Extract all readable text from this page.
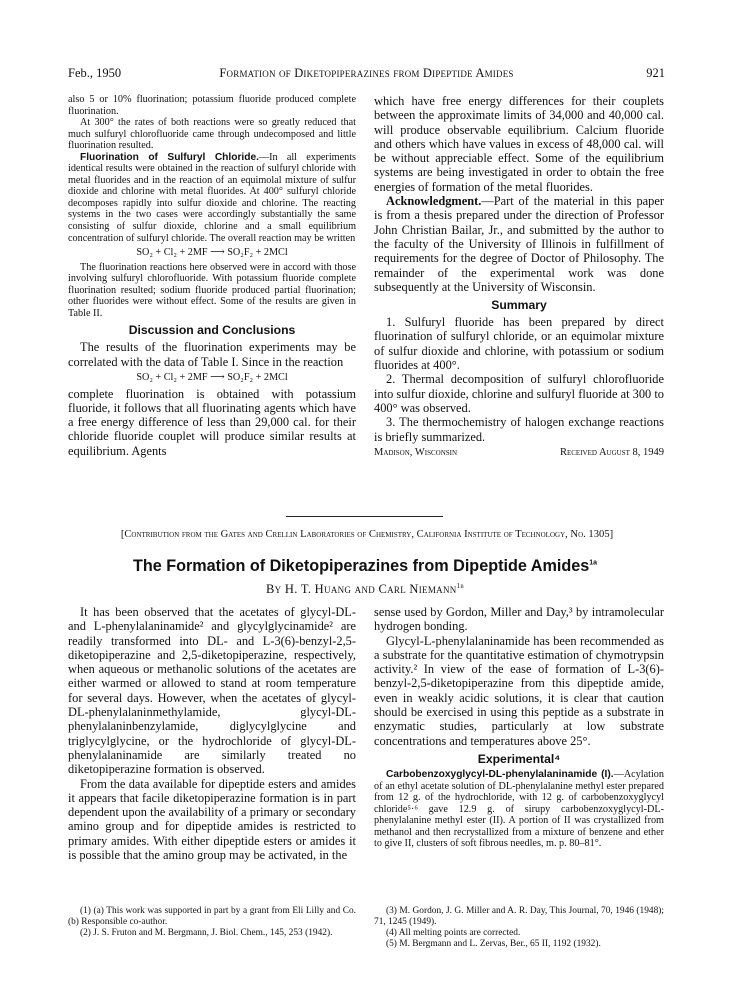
Feb., 1950	Formation of Diketopiperazines from Dipeptide Amides	921

also 5 or 10% fluorination; potassium fluoride produced complete fluorination.

At 300° the rates of both reactions were so greatly reduced that much sulfuryl chlorofluoride came through undecomposed and little fluorination resulted.

Fluorination of Sulfuryl Chloride.—In all experiments identical results were obtained in the reaction of sulfuryl chloride with metal fluorides and in the reaction of an equimolal mixture of sulfur dioxide and chlorine with metal fluorides. At 400° sulfuryl chloride decomposes rapidly into sulfur dioxide and chlorine. The reacting systems in the two cases were accordingly substantially the same consisting of sulfur dioxide, chlorine and a small equilibrium concentration of sulfuryl chloride. The overall reaction may be written

SO₂ + Cl₂ + 2MF ⟶ SO₂F₂ + 2MCl

The fluorination reactions here observed were in accord with those involving sulfuryl chlorofluoride. With potassium fluoride complete fluorination resulted; sodium fluoride produced partial fluorination; other fluorides were without effect. Some of the results are given in Table II.

Discussion and Conclusions

The results of the fluorination experiments may be correlated with the data of Table I. Since in the reaction

SO₂ + Cl₂ + 2MF ⟶ SO₂F₂ + 2MCl

complete fluorination is obtained with potassium fluoride, it follows that all fluorinating agents which have a free energy difference of less than 29,000 cal. for their chloride fluoride couplet will produce similar results at equilibrium. Agents

which have free energy differences for their couplets between the approximate limits of 34,000 and 40,000 cal. will produce observable equilibrium. Calcium fluoride and others which have values in excess of 48,000 cal. will be without appreciable effect. Some of the equilibrium systems are being investigated in order to obtain the free energies of formation of the metal fluorides.

Acknowledgment.—Part of the material in this paper is from a thesis prepared under the direction of Professor John Christian Bailar, Jr., and submitted by the author to the faculty of the University of Illinois in fulfillment of requirements for the degree of Doctor of Philosophy. The remainder of the experimental work was done subsequently at the University of Wisconsin.

Summary

1. Sulfuryl fluoride has been prepared by direct fluorination of sulfuryl chloride, or an equimolar mixture of sulfur dioxide and chlorine, with potassium or sodium fluorides at 400°.

2. Thermal decomposition of sulfuryl chlorofluoride into sulfur dioxide, chlorine and sulfuryl fluoride at 300 to 400° was observed.

3. The thermochemistry of halogen exchange reactions is briefly summarized.

Madison, Wisconsin	Received August 8, 1949
[Contribution from the Gates and Crellin Laboratories of Chemistry, California Institute of Technology, No. 1305]
The Formation of Diketopiperazines from Dipeptide Amides$^{1a}$
By H. T. Huang and Carl Niemann$^{1b}$

It has been observed that the acetates of glycyl-DL- and L-phenylalaninamide² and glycylglycinamide² are readily transformed into DL- and L-3(6)-benzyl-2,5-diketopiperazine and 2,5-diketopiperazine, respectively, when aqueous or methanolic solutions of the acetates are either warmed or allowed to stand at room temperature for several days. However, when the acetates of glycyl-DL-phenylalaninmethylamide, glycyl-DL-phenylalaninbenzylamide, diglycylglycine and triglycylglycine, or the hydrochloride of glycyl-DL-phenylalaninamide are similarly treated no diketopiperazine formation is observed.

From the data available for dipeptide esters and amides it appears that facile diketopiperazine formation is in part dependent upon the availability of a primary or secondary amino group and for dipeptide amides is restricted to primary amides. With either dipeptide esters or amides it is possible that the amino group may be activated, in the

sense used by Gordon, Miller and Day,³ by intramolecular hydrogen bonding.

Glycyl-L-phenylalaninamide has been recommended as a substrate for the quantitative estimation of chymotrypsin activity.² In view of the ease of formation of L-3(6)-benzyl-2,5-diketopiperazine from this dipeptide amide, even in weakly acidic solutions, it is clear that caution should be exercised in using this peptide as a substrate in enzymatic studies, particularly at low substrate concentrations and temperatures above 25°.

Experimental⁴

Carbobenzoxyglycyl-DL-phenylalaninamide (I).—Acylation of an ethyl acetate solution of DL-phenylalanine methyl ester prepared from 12 g. of the hydrochloride, with 12 g. of carbobenzoxyglycyl chloride⁵·⁶ gave 12.9 g. of sirupy carbobenzoxyglycyl-DL-phenylalanine methyl ester (II). A portion of II was crystallized from methanol and then recrystallized from a mixture of benzene and ether to give II, clusters of soft fibrous needles, m. p. 80–81°.

(1) (a) This work was supported in part by a grant from Eli Lilly and Co. (b) Responsible co-author.

(2) J. S. Fruton and M. Bergmann, J. Biol. Chem., 145, 253 (1942).

(3) M. Gordon, J. G. Miller and A. R. Day, This Journal, 70, 1946 (1948); 71, 1245 (1949).

(4) All melting points are corrected.

(5) M. Bergmann and L. Zervas, Ber., 65 II, 1192 (1932).
